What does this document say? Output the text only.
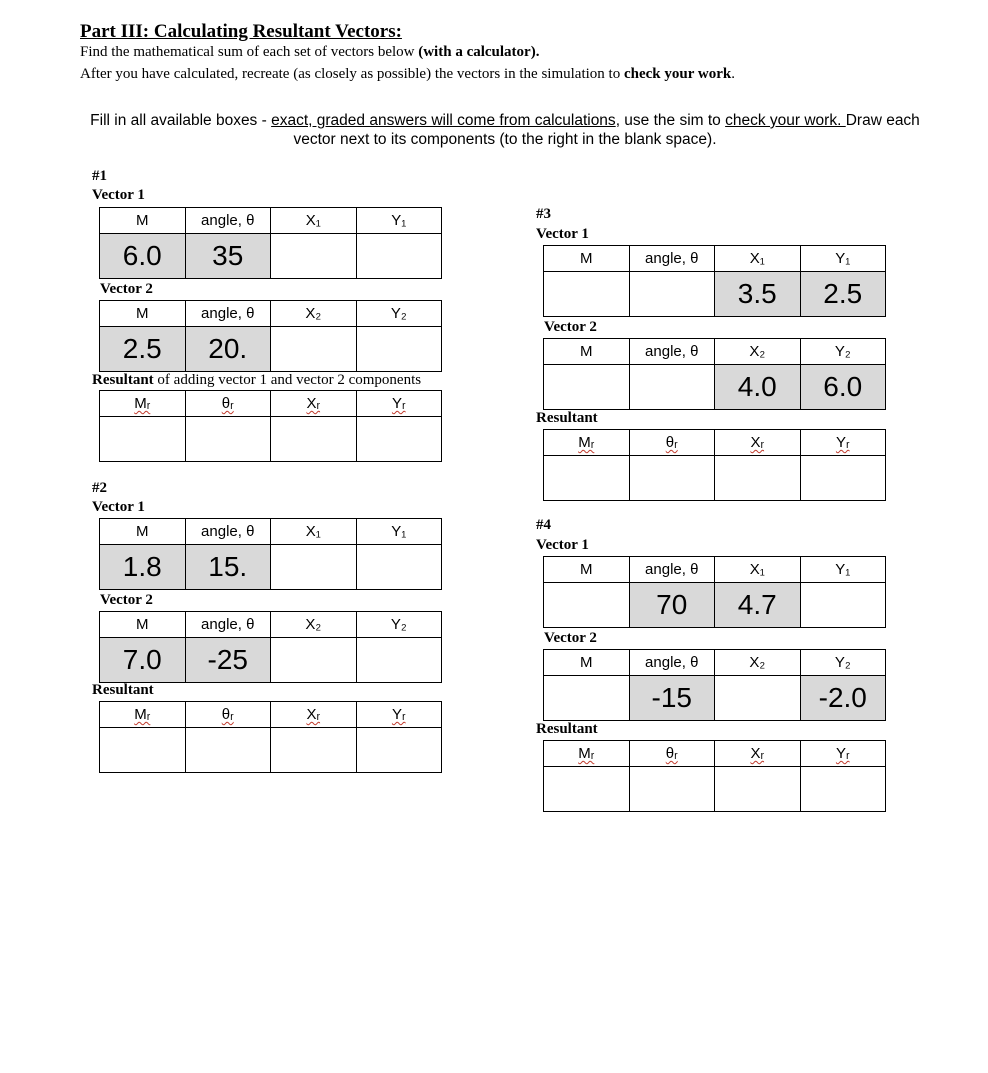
Part III: Calculating Resultant Vectors:
Find the mathematical sum of each set of vectors below (with a calculator).
After you have calculated, recreate (as closely as possible) the vectors in the simulation to check your work.
Fill in all available boxes - exact, graded answers will come from calculations, use the sim to check your work. Draw each vector next to its components (to the right in the blank space).
#1
Vector 1
M	angle, θ	X₁	Y₁
6.0	35		
Vector 2
M	angle, θ	X₂	Y₂
2.5	20.		
Resultant of adding vector 1 and vector 2 components
Mᵣ	θᵣ	Xᵣ	Yᵣ

#2
Vector 1
M	angle, θ	X₁	Y₁
1.8	15.		
Vector 2
M	angle, θ	X₂	Y₂
7.0	-25		
Resultant
Mᵣ	θᵣ	Xᵣ	Yᵣ

#3
Vector 1
M	angle, θ	X₁	Y₁
		3.5	2.5
Vector 2
M	angle, θ	X₂	Y₂
		4.0	6.0
Resultant
Mᵣ	θᵣ	Xᵣ	Yᵣ

#4
Vector 1
M	angle, θ	X₁	Y₁
	70	4.7	
Vector 2
M	angle, θ	X₂	Y₂
	-15		-2.0
Resultant
Mᵣ	θᵣ	Xᵣ	Yᵣ
